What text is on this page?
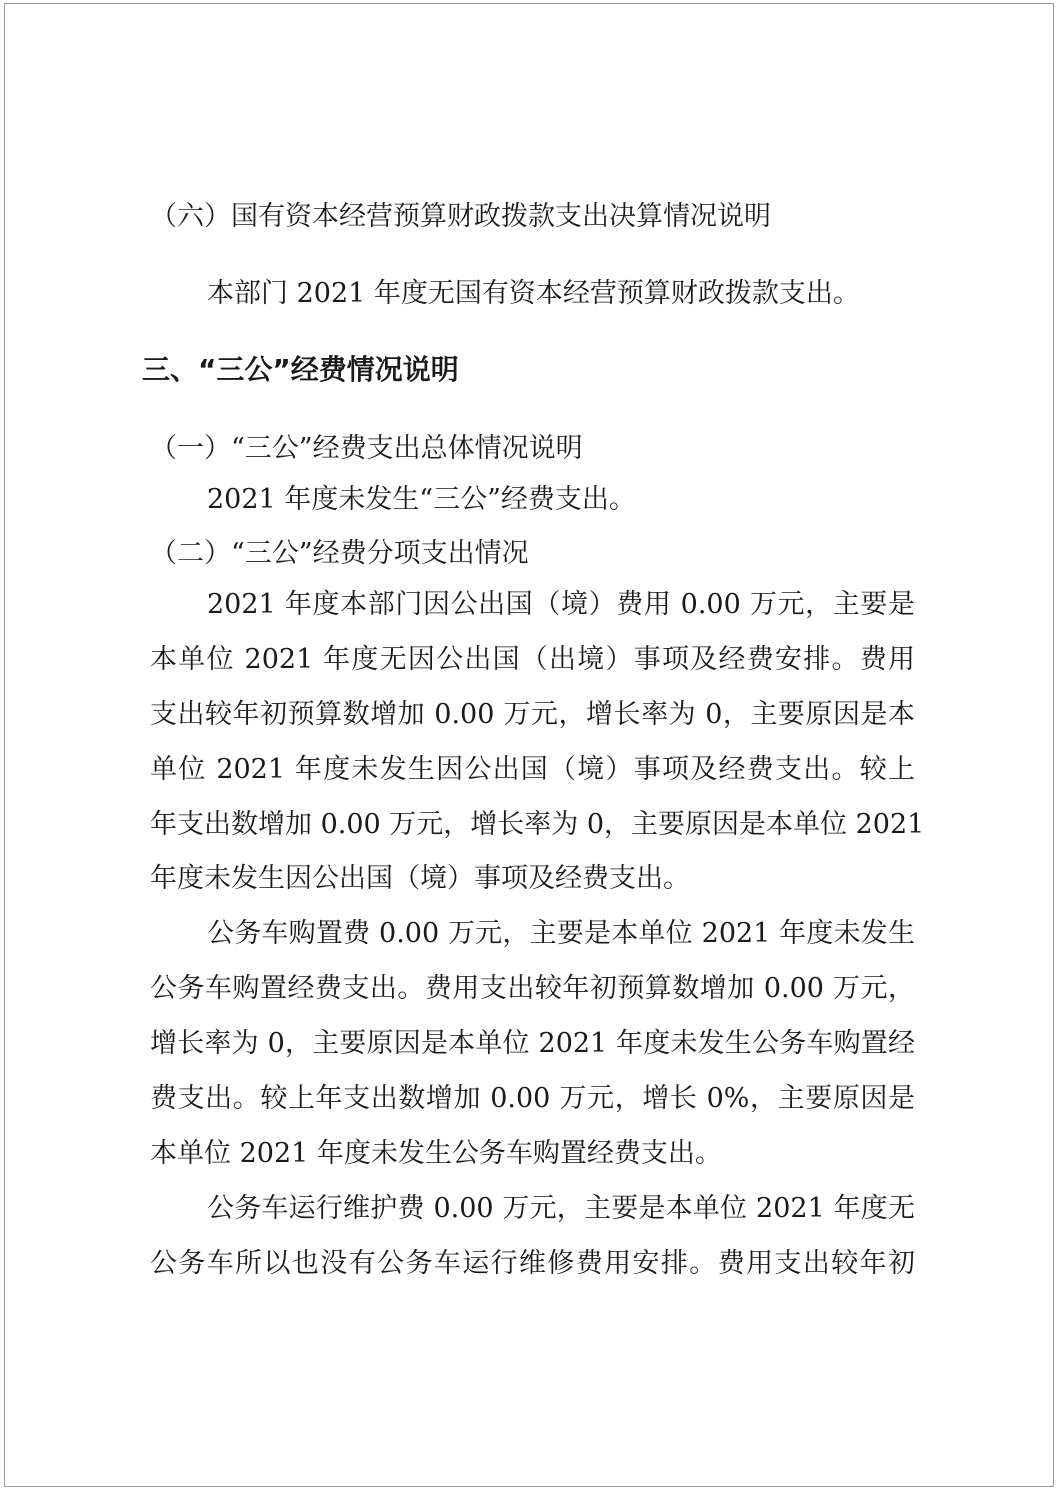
（六）国有资本经营预算财政拨款支出决算情况说明
本部门 2021 年度无国有资本经营预算财政拨款支出。
三、“三公”经费情况说明
（一）“三公”经费支出总体情况说明
2021 年度未发生“三公”经费支出。
（二）“三公”经费分项支出情况
2021 年度本部门因公出国（境）费用 0.00 万元，主要是
本单位 2021 年度无因公出国（出境）事项及经费安排。费用
支出较年初预算数增加 0.00 万元，增长率为 0，主要原因是本
单位 2021 年度未发生因公出国（境）事项及经费支出。较上
年支出数增加 0.00 万元，增长率为 0，主要原因是本单位 2021
年度未发生因公出国（境）事项及经费支出。
公务车购置费 0.00 万元，主要是本单位 2021 年度未发生
公务车购置经费支出。费用支出较年初预算数增加 0.00 万元，
增长率为 0，主要原因是本单位 2021 年度未发生公务车购置经
费支出。较上年支出数增加 0.00 万元，增长 0%，主要原因是
本单位 2021 年度未发生公务车购置经费支出。
公务车运行维护费 0.00 万元，主要是本单位 2021 年度无
公务车所以也没有公务车运行维修费用安排。费用支出较年初
